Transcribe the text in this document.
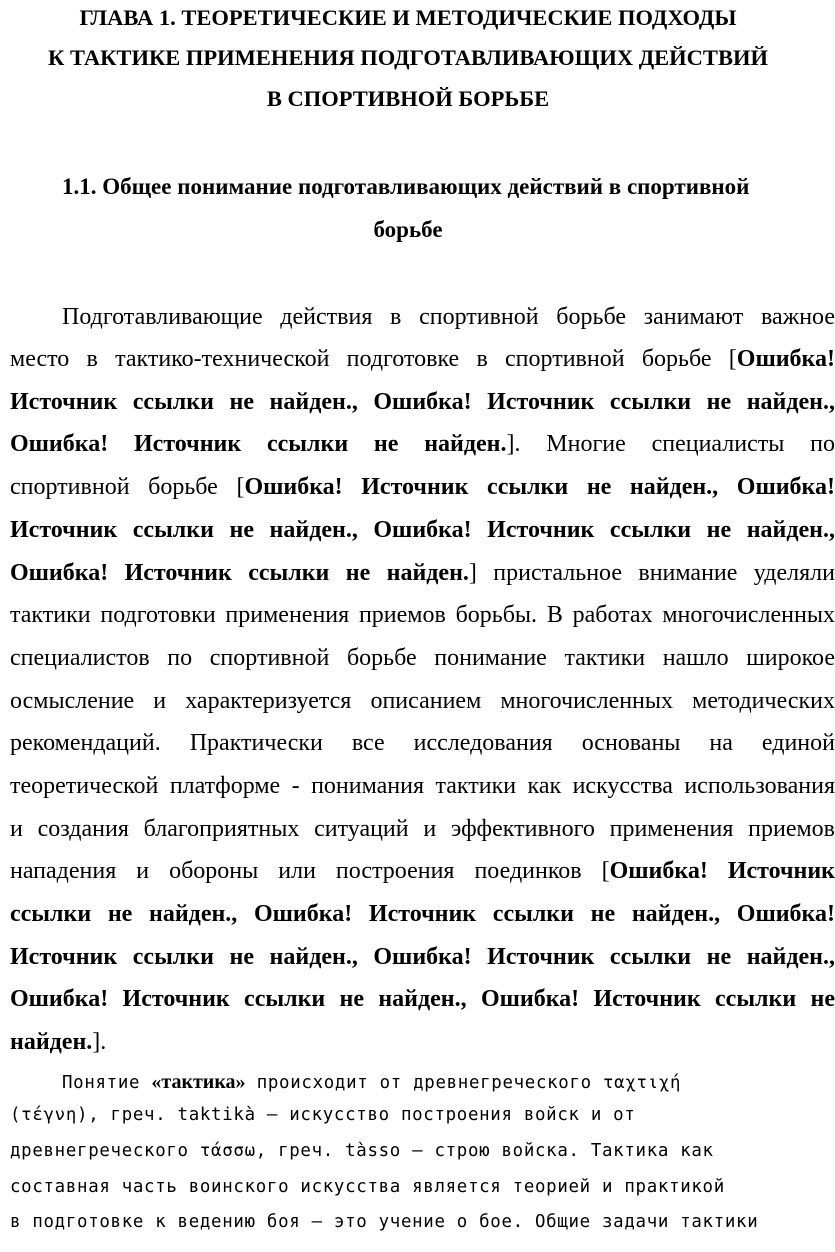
ГЛАВА 1. ТЕОРЕТИЧЕСКИЕ И МЕТОДИЧЕСКИЕ ПОДХОДЫ
К ТАКТИКЕ ПРИМЕНЕНИЯ ПОДГОТАВЛИВАЮЩИХ ДЕЙСТВИЙ
В СПОРТИВНОЙ БОРЬБЕ
1.1. Общее понимание подготавливающих действий в спортивной
борьбе
Подготавливающие действия в спортивной борьбе занимают важное
место в тактико-технической подготовке в спортивной борьбе [Ошибка!
Источник ссылки не найден., Ошибка! Источник ссылки не найден.,
Ошибка! Источник ссылки не найден.]. Многие специалисты по
спортивной борьбе [Ошибка! Источник ссылки не найден., Ошибка!
Источник ссылки не найден., Ошибка! Источник ссылки не найден.,
Ошибка! Источник ссылки не найден.] пристальное внимание уделяли
тактики подготовки применения приемов борьбы. В работах многочисленных
специалистов по спортивной борьбе понимание тактики нашло широкое
осмысление и характеризуется описанием многочисленных методических
рекомендаций. Практически все исследования основаны на единой
теоретической платформе - понимания тактики как искусства использования
и создания благоприятных ситуаций и эффективного применения приемов
нападения и обороны или построения поединков [Ошибка! Источник
ссылки не найден., Ошибка! Источник ссылки не найден., Ошибка!
Источник ссылки не найден., Ошибка! Источник ссылки не найден.,
Ошибка! Источник ссылки не найден., Ошибка! Источник ссылки не
найден.].
Понятие «тактика» происходит от древнегреческого ταχτιχή
(τέγνη), греч. taktikà – искусство построения войск и от
древнегреческого τάσσω, греч. tàsso – строю войска. Тактика как
составная часть воинского искусства является теорией и практикой
в подготовке к ведению боя – это учение о бое. Общие задачи тактики
